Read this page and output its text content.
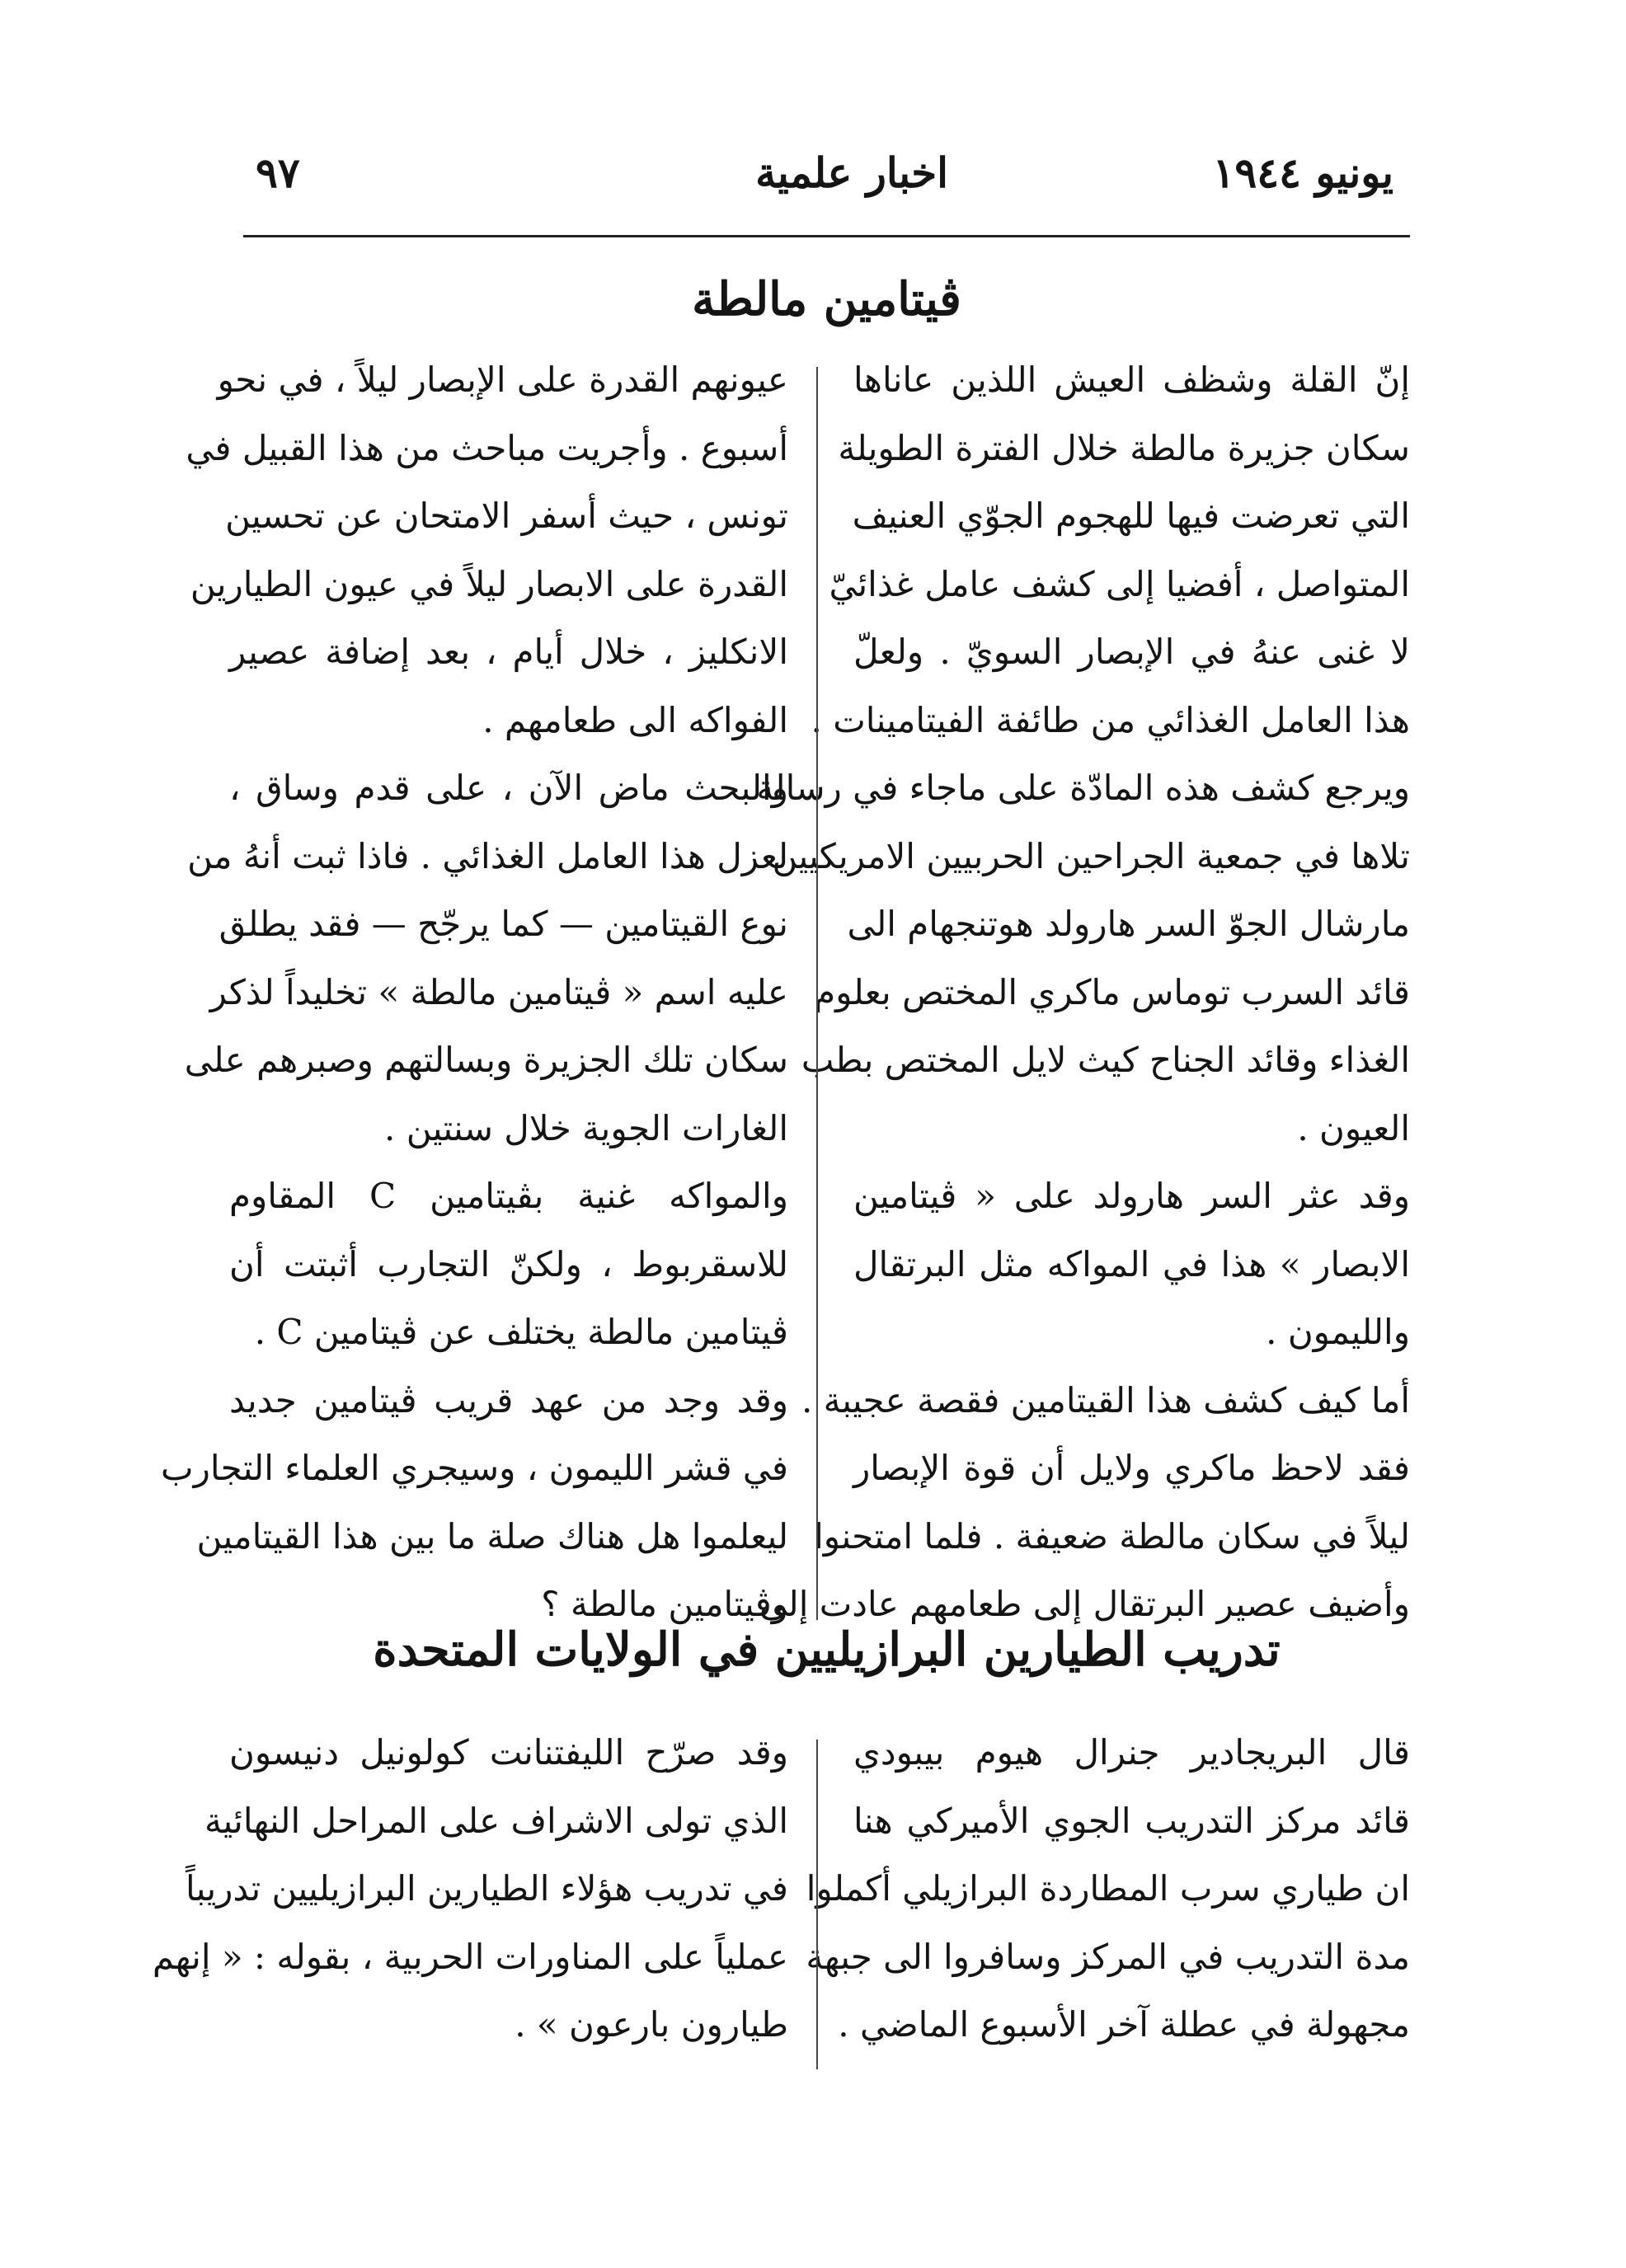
يونيو ١٩٤٤
اخبار علمية
٩٧
ڤيتامين مالطة
إنّ القلة وشظف العيش اللذين عاناها
سكان جزيرة مالطة خلال الفترة الطويلة
التي تعرضت فيها للهجوم الجوّي العنيف
المتواصل ، أفضيا إلى كشف عامل غذائيّ
لا غنى عنهُ في الإبصار السويّ . ولعلّ
هذا العامل الغذائي من طائفة الفيتامينات .
ويرجع كشف هذه المادّة على ماجاء في رسالة
تلاها في جمعية الجراحين الحربيين الامريكيين
مارشال الجوّ السر هارولد هوتنجهام الى
قائد السرب توماس ماكري المختص بعلوم
الغذاء وقائد الجناح كيث لايل المختص بطب
العيون .
وقد عثر السر هارولد على « ڤيتامين
الابصار » هذا في المواكه مثل البرتقال
والليمون .
أما كيف كشف هذا القيتامين فقصة عجيبة .
فقد لاحظ ماكري ولايل أن قوة الإبصار
ليلاً في سكان مالطة ضعيفة . فلما امتحنوا
وأضيف عصير البرتقال إلى طعامهم عادت إلى
عيونهم القدرة على الإبصار ليلاً ، في نحو
أسبوع . وأجريت مباحث من هذا القبيل في
تونس ، حيث أسفر الامتحان عن تحسين
القدرة على الابصار ليلاً في عيون الطيارين
الانكليز ، خلال أيام ، بعد إضافة عصير
الفواكه الى طعامهم .
والبحث ماض الآن ، على قدم وساق ،
لعزل هذا العامل الغذائي . فاذا ثبت أنهُ من
نوع القيتامين — كما يرجّح — فقد يطلق
عليه اسم « ڤيتامين مالطة » تخليداً لذكر
سكان تلك الجزيرة وبسالتهم وصبرهم على
الغارات الجوية خلال سنتين .
والمواكه غنية بڤيتامين C المقاوم
للاسقربوط ، ولكنّ التجارب أثبتت أن
ڤيتامين مالطة يختلف عن ڤيتامين C .
وقد وجد من عهد قريب ڤيتامين جديد
في قشر الليمون ، وسيجري العلماء التجارب
ليعلموا هل هناك صلة ما بين هذا القيتامين
وڤيتامين مالطة ؟
تدريب الطيارين البرازيليين في الولايات المتحدة
قال البريجادير جنرال هيوم بيبودي
قائد مركز التدريب الجوي الأميركي هنا
ان طياري سرب المطاردة البرازيلي أكملوا
مدة التدريب في المركز وسافروا الى جبهة
مجهولة في عطلة آخر الأسبوع الماضي .
وقد صرّح الليفتنانت كولونيل دنيسون
الذي تولى الاشراف على المراحل النهائية
في تدريب هؤلاء الطيارين البرازيليين تدريباً
عملياً على المناورات الحربية ، بقوله : « إنهم
طيارون بارعون » .
